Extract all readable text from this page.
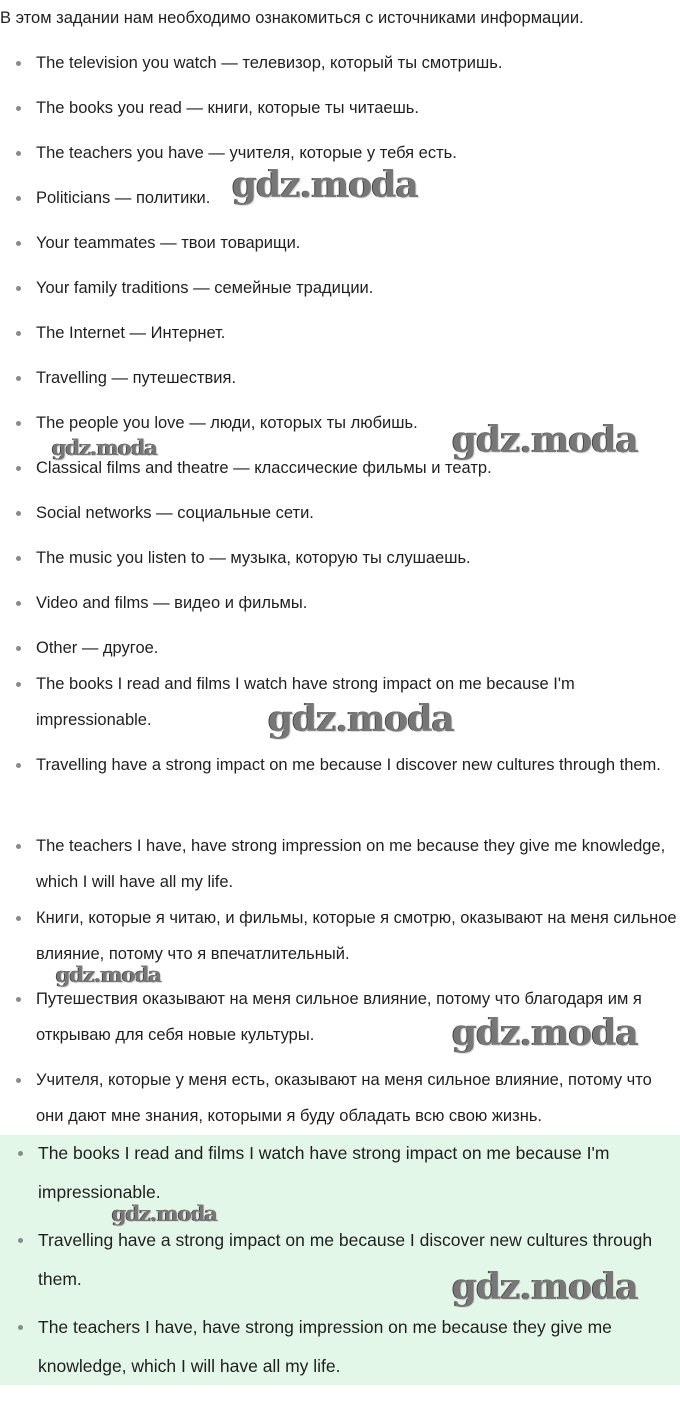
В этом задании нам необходимо ознакомиться с источниками информации.
The television you watch — телевизор, который ты смотришь.
The books you read — книги, которые ты читаешь.
The teachers you have — учителя, которые у тебя есть.
Politicians — политики.
Your teammates — твои товарищи.
Your family traditions — семейные традиции.
The Internet — Интернет.
Travelling — путешествия.
The people you love — люди, которых ты любишь.
Classical films and theatre — классические фильмы и театр.
Social networks — социальные сети.
The music you listen to — музыка, которую ты слушаешь.
Video and films — видео и фильмы.
Other — другое.
The books I read and films I watch have strong impact on me because I'm impressionable.
Travelling have a strong impact on me because I discover new cultures through them.
The teachers I have, have strong impression on me because they give me knowledge, which I will have all my life.
Книги, которые я читаю, и фильмы, которые я смотрю, оказывают на меня сильное влияние, потому что я впечатлительный.
Путешествия оказывают на меня сильное влияние, потому что благодаря им я открываю для себя новые культуры.
Учителя, которые у меня есть, оказывают на меня сильное влияние, потому что они дают мне знания, которыми я буду обладать всю свою жизнь.
The books I read and films I watch have strong impact on me because I'm impressionable.
Travelling have a strong impact on me because I discover new cultures through them.
The teachers I have, have strong impression on me because they give me knowledge, which I will have all my life.
gdz.moda
gdz.moda	gdz.moda
gdz.moda
gdz.moda
gdz.moda
gdz.moda
gdz.moda
